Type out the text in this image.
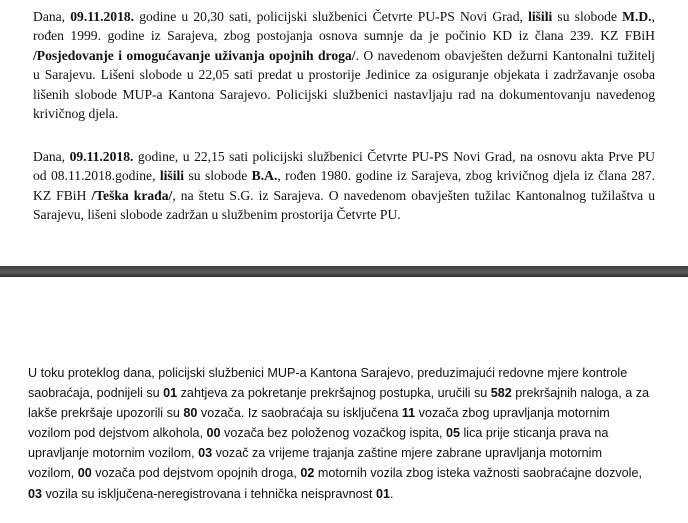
Dana, 09.11.2018. godine u 20,30 sati, policijski službenici Četvrte PU-PS Novi Grad, lišili su slobode M.D.,
rođen 1999. godine iz Sarajeva, zbog postojanja osnova sumnje da je počinio KD iz člana 239. KZ FBiH
/Posjedovanje i omogućavanje uživanja opojnih droga/. O navedenom obavješten dežurni Kantonalni tužitelj
u Sarajevu. Lišeni slobode u 22,05 sati predat u prostorije Jedinice za osiguranje objekata i zadržavanje osoba
lišenih slobode MUP-a Kantona Sarajevo. Policijski službenici nastavljaju rad na dokumentovanju navedenog
krivičnog djela.
Dana, 09.11.2018. godine, u 22,15 sati policijski službenici Četvrte PU-PS Novi Grad, na osnovu akta Prve PU
od 08.11.2018.godine, lišili su slobode B.A., rođen 1980. godine iz Sarajeva, zbog krivičnog djela iz člana 287.
KZ FBiH /Teška krađa/, na štetu S.G. iz Sarajeva. O navedenom obavješten tužilac Kantonalnog tužilaštva u
Sarajevu, lišeni slobode zadržan u službenim prostorija Četvrte PU.
U toku proteklog dana, policijski službenici MUP-a Kantona Sarajevo, preduzimajući redovne mjere kontrole
saobraćaja, podnijeli su 01 zahtjeva za pokretanje prekršajnog postupka, uručili su 582 prekršajnih naloga, a za
lakše prekršaje upozorili su 80 vozača. Iz saobraćaja su isključena 11 vozača zbog upravljanja motornim
vozilom pod dejstvom alkohola, 00 vozača bez položenog vozačkog ispita, 05 lica prije sticanja prava na
upravljanje motornim vozilom, 03 vozač za vrijeme trajanja zaštine mjere zabrane upravljanja motornim
vozilom, 00 vozača pod dejstvom opojnih droga, 02 motornih vozila zbog isteka važnosti saobraćajne dozvole,
03 vozila su isključena-neregistrovana i tehnička neispravnost 01.
